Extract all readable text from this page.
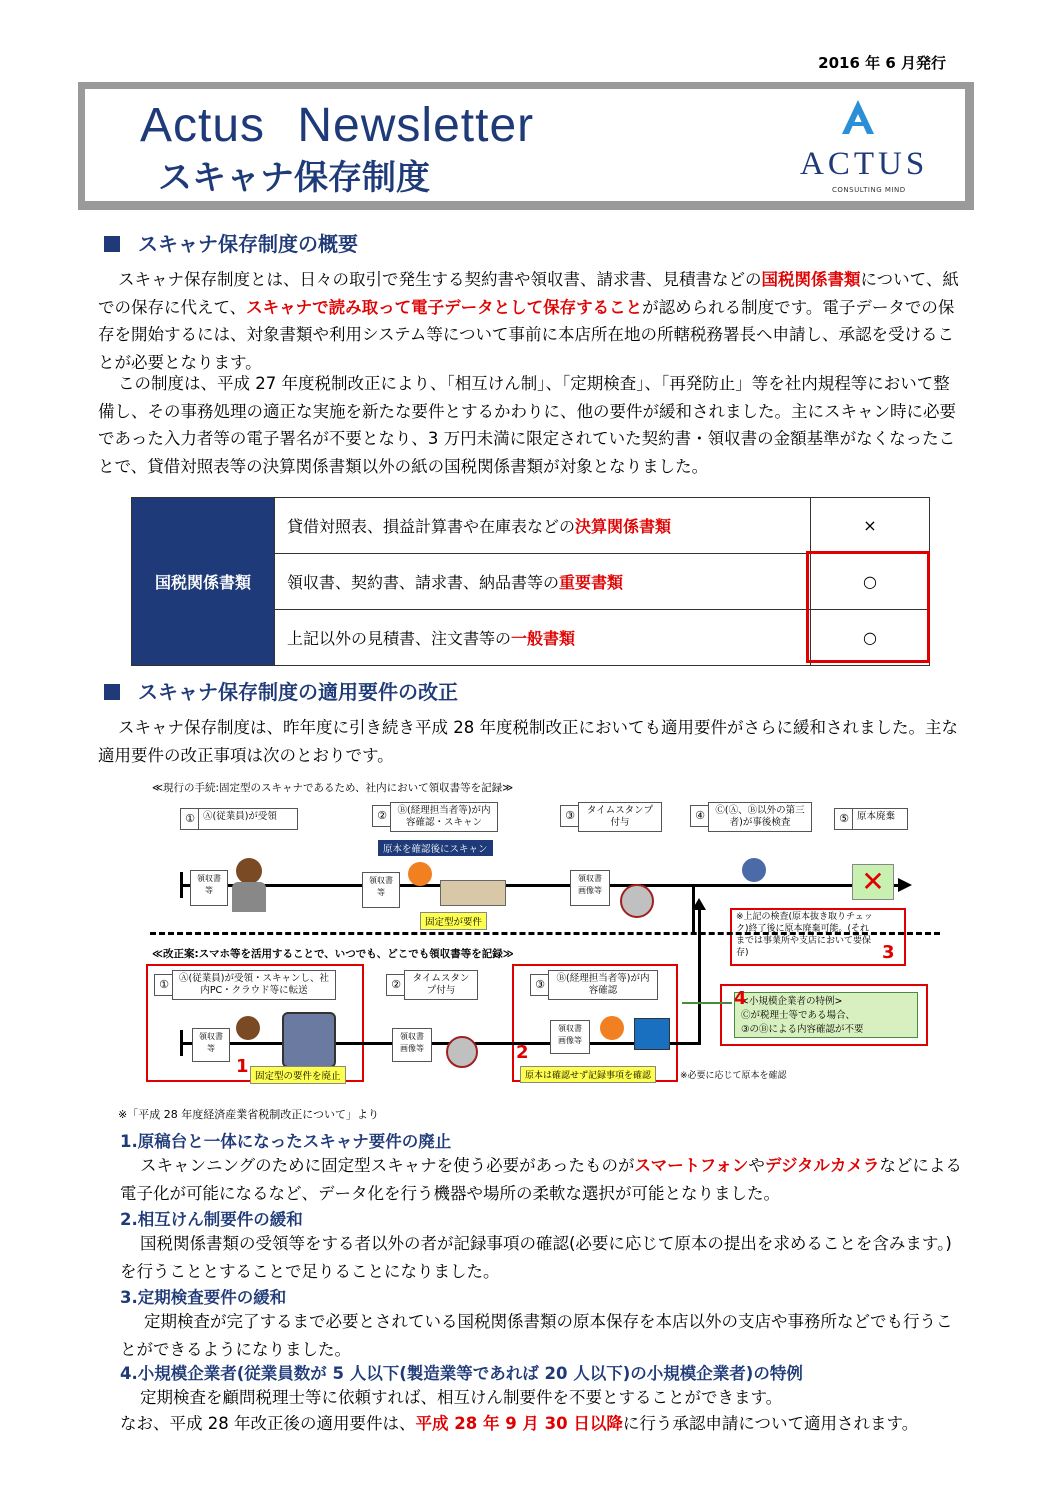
2016 年 6 月発行
Actus Newsletter
スキャナ保存制度	ACTUS
CONSULTING MIND
スキャナ保存制度の概要
スキャナ保存制度とは、日々の取引で発生する契約書や領収書、請求書、見積書などの国税関係書類について、紙での保存に代えて、スキャナで読み取って電子データとして保存することが認められる制度です。電子データでの保存を開始するには、対象書類や利用システム等について事前に本店所在地の所轄税務署長へ申請し、承認を受けることが必要となります。
この制度は、平成 27 年度税制改正により、「相互けん制」、「定期検査」、「再発防止」等を社内規程等において整備し、その事務処理の適正な実施を新たな要件とするかわりに、他の要件が緩和されました。主にスキャン時に必要であった入力者等の電子署名が不要となり、3 万円未満に限定されていた契約書・領収書の金額基準がなくなったことで、貸借対照表等の決算関係書類以外の紙の国税関係書類が対象となりました。
国税関係書類	貸借対照表、損益計算書や在庫表などの決算関係書類	×
	領収書、契約書、請求書、納品書等の重要書類	○
	上記以外の見積書、注文書等の一般書類	○
スキャナ保存制度の適用要件の改正
スキャナ保存制度は、昨年度に引き続き平成 28 年度税制改正においても適用要件がさらに緩和されました。主な適用要件の改正事項は次のとおりです。
≪現行の手続:固定型のスキャナであるため、社内において領収書等を記録≫
① Ⓐ(従業員)が受領	②	Ⓑ(経理担当者等)が内容確認・スキャン
③	タイムスタンプ付与
④	Ⓒ(Ⓐ、Ⓑ以外の第三者)が事後検査	⑤ 原本廃棄
原本を確認後にスキャン
領収書等
領収書等
固定型が要件
領収書画像等	✕
※上記の検査(原本抜き取りチェック)終了後に原本廃棄可能。(それまでは事業所や支店において要保存)
≪改正案:スマホ等を活用することで、いつでも、どこでも領収書等を記録≫
①	Ⓐ(従業員)が受領・スキャンし、社内PC・クラウド等に転送	②	タイムスタンプ付与	③	Ⓑ(経理担当者等)が内容確認
領収書等
固定型の要件を廃止
領収書画像等
領収書画像等
原本は確認せず記録事項を確認	※必要に応じて原本を確認
<小規模企業者の特例>
Ⓒが税理士等である場合、
③のⒷによる内容確認が不要
1
2
3
4
※「平成 28 年度経済産業省税制改正について」より
1.原稿台と一体になったスキャナ要件の廃止
スキャンニングのために固定型スキャナを使う必要があったものがスマートフォンやデジタルカメラなどによる電子化が可能になるなど、データ化を行う機器や場所の柔軟な選択が可能となりました。
2.相互けん制要件の緩和
国税関係書類の受領等をする者以外の者が記録事項の確認(必要に応じて原本の提出を求めることを含みます。)を行うこととすることで足りることになりました。
3.定期検査要件の緩和
定期検査が完了するまで必要とされている国税関係書類の原本保存を本店以外の支店や事務所などでも行うことができるようになりました。
4.小規模企業者(従業員数が 5 人以下(製造業等であれば 20 人以下)の小規模企業者)の特例
定期検査を顧問税理士等に依頼すれば、相互けん制要件を不要とすることができます。
なお、平成 28 年改正後の適用要件は、平成 28 年 9 月 30 日以降に行う承認申請について適用されます。
